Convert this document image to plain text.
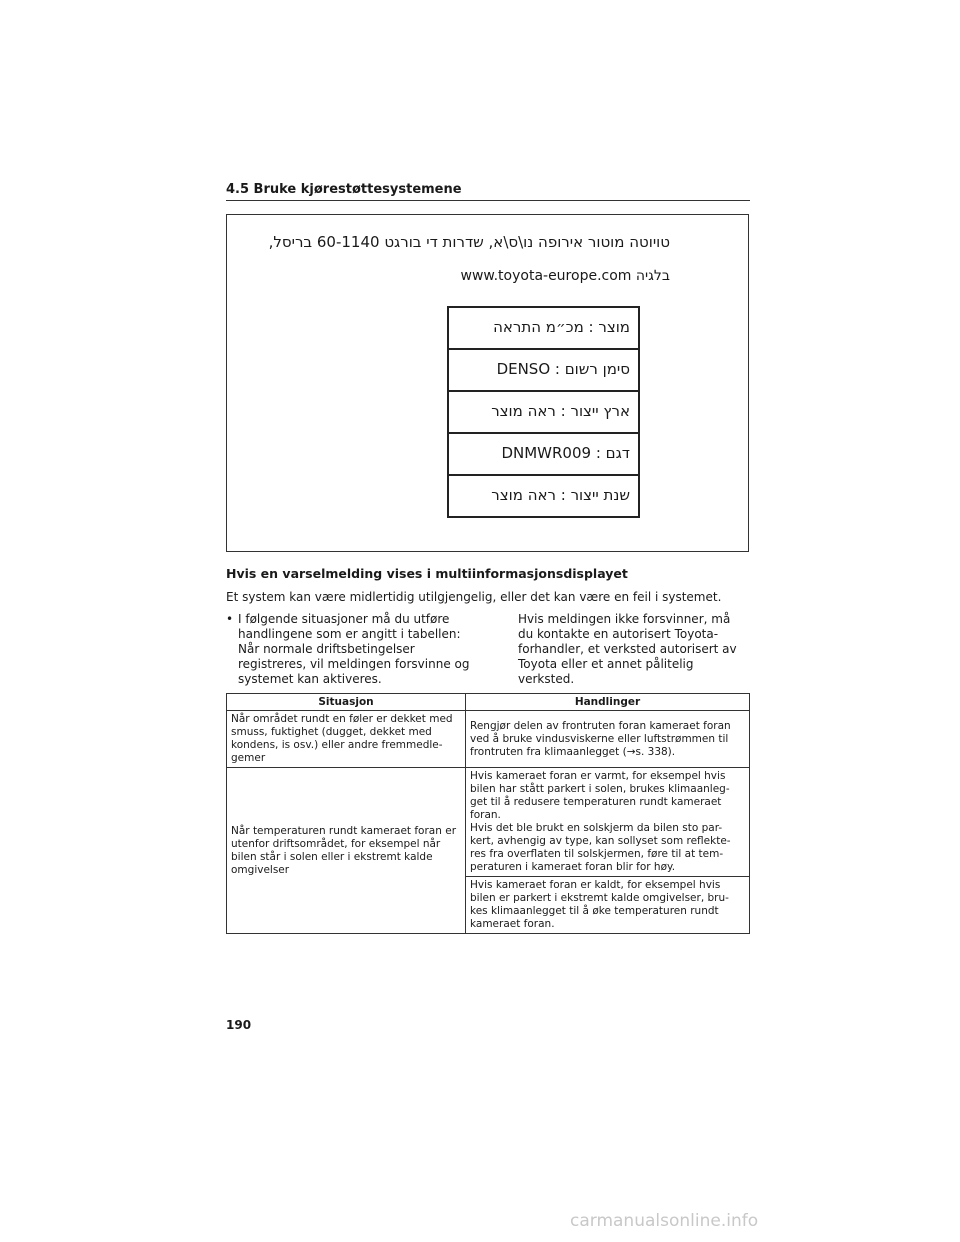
4.5 Bruke kjørestøttesystemene
טויוטה מוטור אירופה נו\ס\א, שדרות די בורגט 60-1140 בריסל,
בלגיה www.toyota-europe.com
מוצר : מכ״מ התראה
סימן רשום : DENSO
ארץ ייצור : ראה מוצר
דגם : DNMWR009
שנת ייצור : ראה מוצר
Hvis en varselmelding vises i multiinformasjonsdisplayet
Et system kan være midlertidig utilgjengelig, eller det kan være en feil i systemet.
• I følgende situasjoner må du utføre handlingene som er angitt i tabellen: Når normale driftsbetingelser registreres, vil meldingen forsvinne og systemet kan aktiveres.
Hvis meldingen ikke forsvinner, må du kontakte en autorisert Toyota-forhandler, et verksted autorisert av Toyota eller et annet pålitelig verksted.
Situasjon	Handlinger
Når området rundt en føler er dekket med smuss, fuktighet (dugget, dekket med kondens, is osv.) eller andre fremmedle-gemer	Rengjør delen av frontruten foran kameraet foran ved å bruke vindusviskerne eller luftstrømmen til frontruten fra klimaanlegget (→s. 338).
Når temperaturen rundt kameraet foran er utenfor driftsområdet, for eksempel når bilen står i solen eller i ekstremt kalde omgivelser	Hvis kameraet foran er varmt, for eksempel hvis bilen har stått parkert i solen, brukes klimaanleg-get til å redusere temperaturen rundt kameraet foran.
Hvis det ble brukt en solskjerm da bilen sto par-kert, avhengig av type, kan sollyset som reflekte-res fra overflaten til solskjermen, føre til at tem-peraturen i kameraet foran blir for høy.

	Hvis kameraet foran er kaldt, for eksempel hvis bilen er parkert i ekstremt kalde omgivelser, bru-kes klimaanlegget til å øke temperaturen rundt kameraet foran.
190
carmanualsonline.info
